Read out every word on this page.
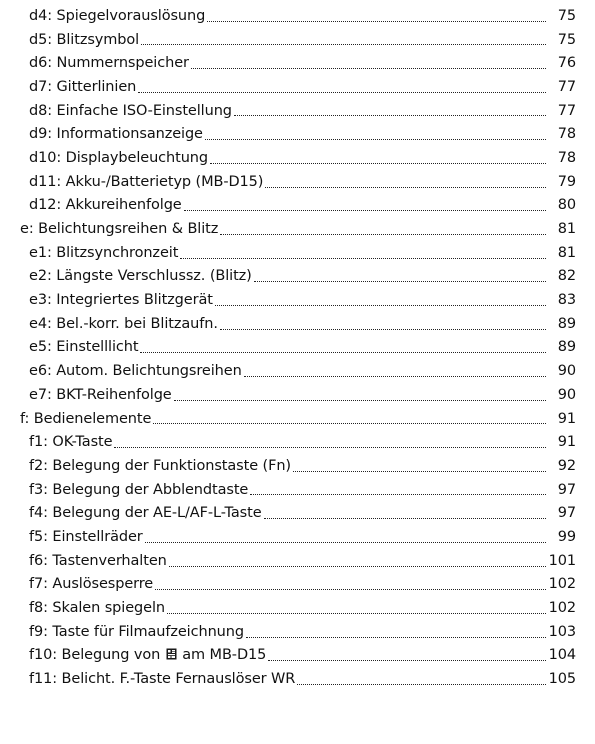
d4: Spiegelvorauslösung	75
d5: Blitzsymbol	75
d6: Nummernspeicher	76
d7: Gitterlinien	77
d8: Einfache ISO-Einstellung	77
d9: Informationsanzeige	78
d10: Displaybeleuchtung	78
d11: Akku-/Batterietyp (MB-D15)	79
d12: Akkureihenfolge	80
e: Belichtungsreihen & Blitz	81
e1: Blitzsynchronzeit	81
e2: Längste Verschlussz. (Blitz)	82
e3: Integriertes Blitzgerät	83
e4: Bel.-korr. bei Blitzaufn.	89
e5: Einstelllicht	89
e6: Autom. Belichtungsreihen	90
e7: BKT-Reihenfolge	90
f: Bedienelemente	91
f1: OK-Taste	91
f2: Belegung der Funktionstaste (Fn)	92
f3: Belegung der Abblendtaste	97
f4: Belegung der AE-L/AF-L-Taste	97
f5: Einstellräder	99
f6: Tastenverhalten	101
f7: Auslösesperre	102
f8: Skalen spiegeln	102
f9: Taste für Filmaufzeichnung	103
f10: Belegung von  am MB-D15	104
f11: Belicht. F.-Taste Fernauslöser WR	105
